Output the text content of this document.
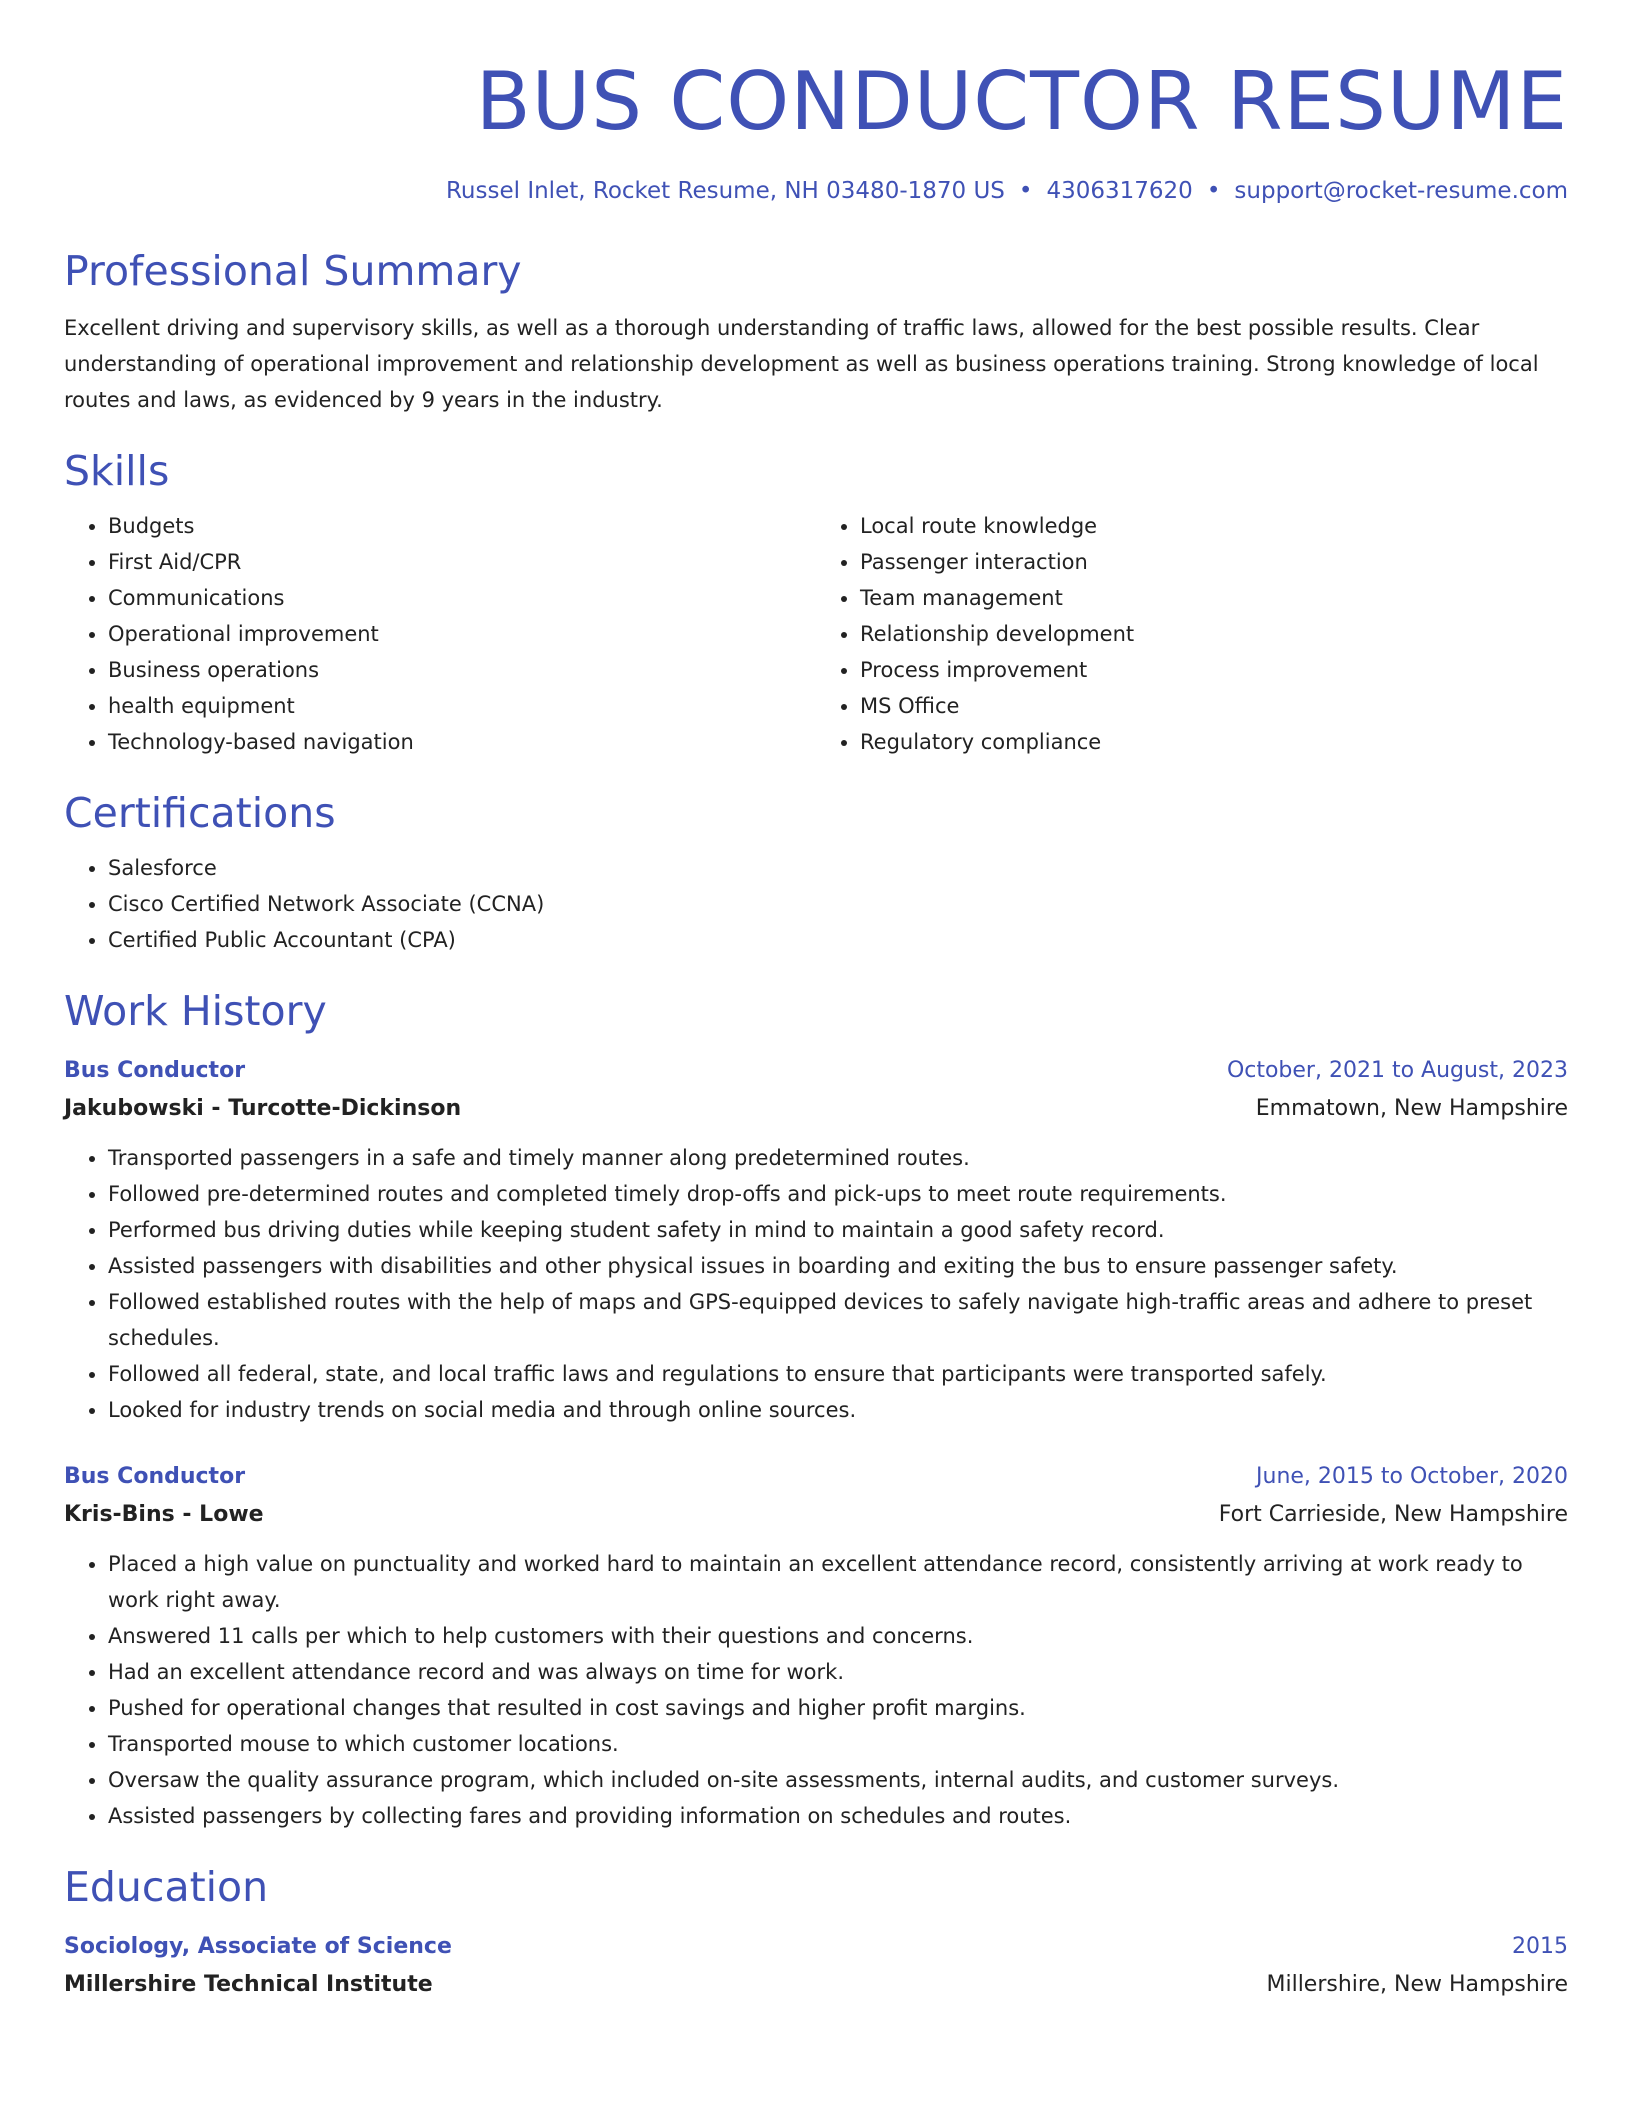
BUS CONDUCTOR RESUME
Russel Inlet, Rocket Resume, NH 03480-1870 US • 4306317620 • support@rocket-resume.com
Professional Summary

Excellent driving and supervisory skills, as well as a thorough understanding of traffic laws, allowed for the best possible results. Clear understanding of operational improvement and relationship development as well as business operations training. Strong knowledge of local routes and laws, as evidenced by 9 years in the industry.

Skills
• Budgets
• First Aid/CPR
• Communications
• Operational improvement
• Business operations
• health equipment
• Technology-based navigation
• Local route knowledge
• Passenger interaction
• Team management
• Relationship development
• Process improvement
• MS Office
• Regulatory compliance
Certifications
• Salesforce
• Cisco Certified Network Associate (CCNA)
• Certified Public Accountant (CPA)
Work History
Bus Conductor	October, 2021 to August, 2023
Jakubowski - Turcotte-Dickinson	Emmatown, New Hampshire
• Transported passengers in a safe and timely manner along predetermined routes.
• Followed pre-determined routes and completed timely drop-offs and pick-ups to meet route requirements.
• Performed bus driving duties while keeping student safety in mind to maintain a good safety record.
• Assisted passengers with disabilities and other physical issues in boarding and exiting the bus to ensure passenger safety.
• Followed established routes with the help of maps and GPS-equipped devices to safely navigate high-traffic areas and adhere to preset schedules.
• Followed all federal, state, and local traffic laws and regulations to ensure that participants were transported safely.
• Looked for industry trends on social media and through online sources.
Bus Conductor	June, 2015 to October, 2020
Kris-Bins - Lowe	Fort Carrieside, New Hampshire
• Placed a high value on punctuality and worked hard to maintain an excellent attendance record, consistently arriving at work ready to work right away.
• Answered 11 calls per which to help customers with their questions and concerns.
• Had an excellent attendance record and was always on time for work.
• Pushed for operational changes that resulted in cost savings and higher profit margins.
• Transported mouse to which customer locations.
• Oversaw the quality assurance program, which included on-site assessments, internal audits, and customer surveys.
• Assisted passengers by collecting fares and providing information on schedules and routes.
Education
Sociology, Associate of Science	2015
Millershire Technical Institute	Millershire, New Hampshire
